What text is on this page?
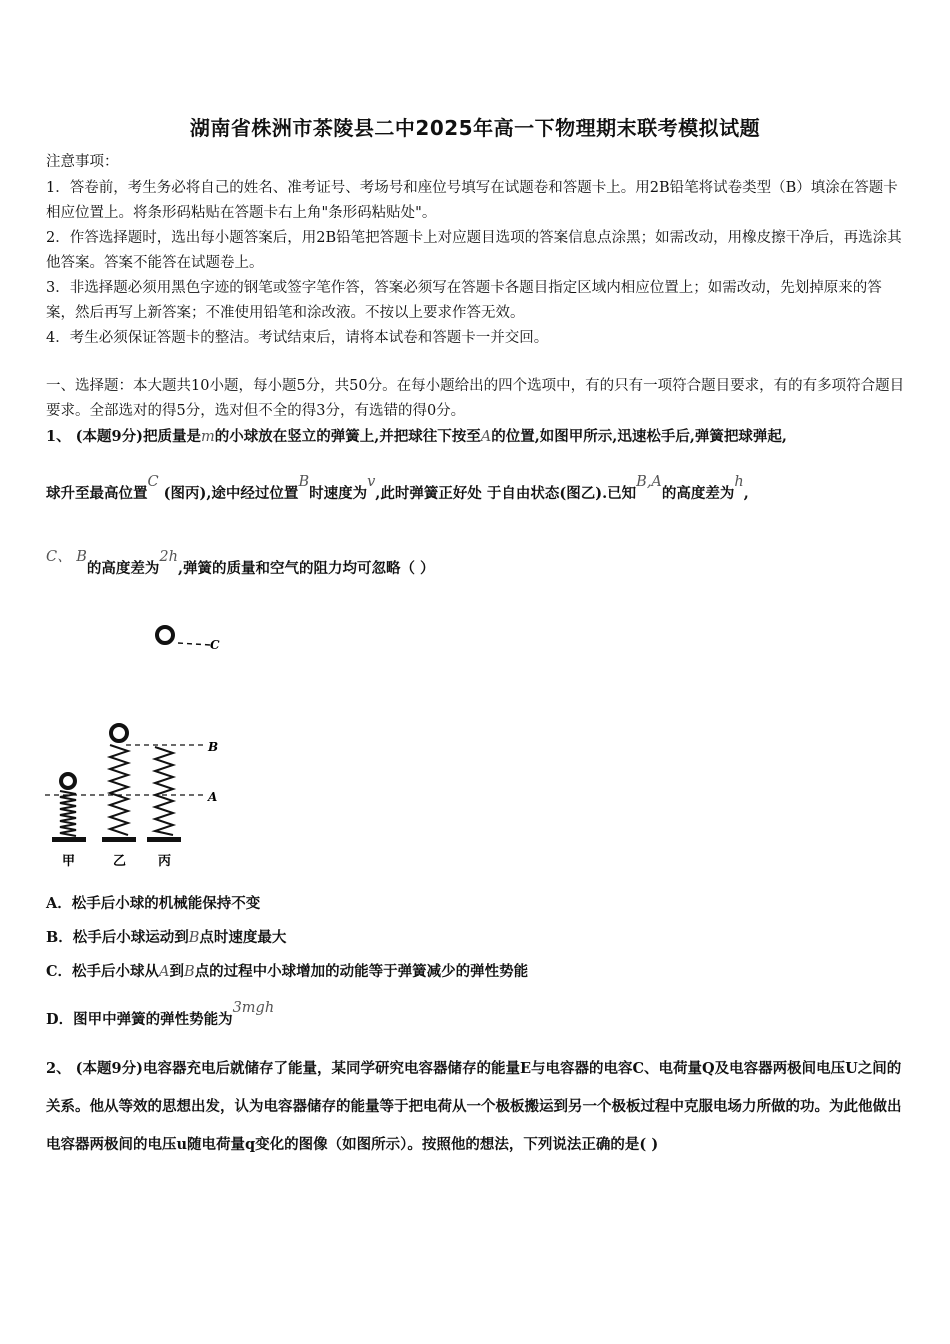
湖南省株洲市茶陵县二中2025年高一下物理期末联考模拟试题
注意事项：
1．答卷前，考生务必将自己的姓名、准考证号、考场号和座位号填写在试题卷和答题卡上。用2B铅笔将试卷类型（B）填涂在答题卡相应位置上。将条形码粘贴在答题卡右上角"条形码粘贴处"。
2．作答选择题时，选出每小题答案后，用2B铅笔把答题卡上对应题目选项的答案信息点涂黑；如需改动，用橡皮擦干净后，再选涂其他答案。答案不能答在试题卷上。
3．非选择题必须用黑色字迹的钢笔或签字笔作答，答案必须写在答题卡各题目指定区域内相应位置上；如需改动，先划掉原来的答案，然后再写上新答案；不准使用铅笔和涂改液。不按以上要求作答无效。
4．考生必须保证答题卡的整洁。考试结束后，请将本试卷和答题卡一并交回。
一、选择题：本大题共10小题，每小题5分，共50分。在每小题给出的四个选项中，有的只有一项符合题目要求，有的有多项符合题目要求。全部选对的得5分，选对但不全的得3分，有选错的得0分。
1、 (本题9分)把质量是m的小球放在竖立的弹簧上,并把球往下按至A的位置,如图甲所示,迅速松手后,弹簧把球弹起,
球升至最高位置C (图丙),途中经过位置B时速度为v,此时弹簧正好处 于自由状态(图乙).已知B,A的高度差为h,
C、 B的高度差为2h,弹簧的质量和空气的阻力均可忽略（ ）
C
B
A
甲	乙 丙
A．松手后小球的机械能保持不变
B．松手后小球运动到B点时速度最大
C．松手后小球从A到B点的过程中小球增加的动能等于弹簧减少的弹性势能
D．图甲中弹簧的弹性势能为3mgh
2、 (本题9分)电容器充电后就储存了能量，某同学研究电容器储存的能量E与电容器的电容C、电荷量Q及电容器两极间电压U之间的关系。他从等效的思想出发，认为电容器储存的能量等于把电荷从一个极板搬运到另一个极板过程中克服电场力所做的功。为此他做出电容器两极间的电压u随电荷量q变化的图像（如图所示）。按照他的想法，下列说法正确的是( )
